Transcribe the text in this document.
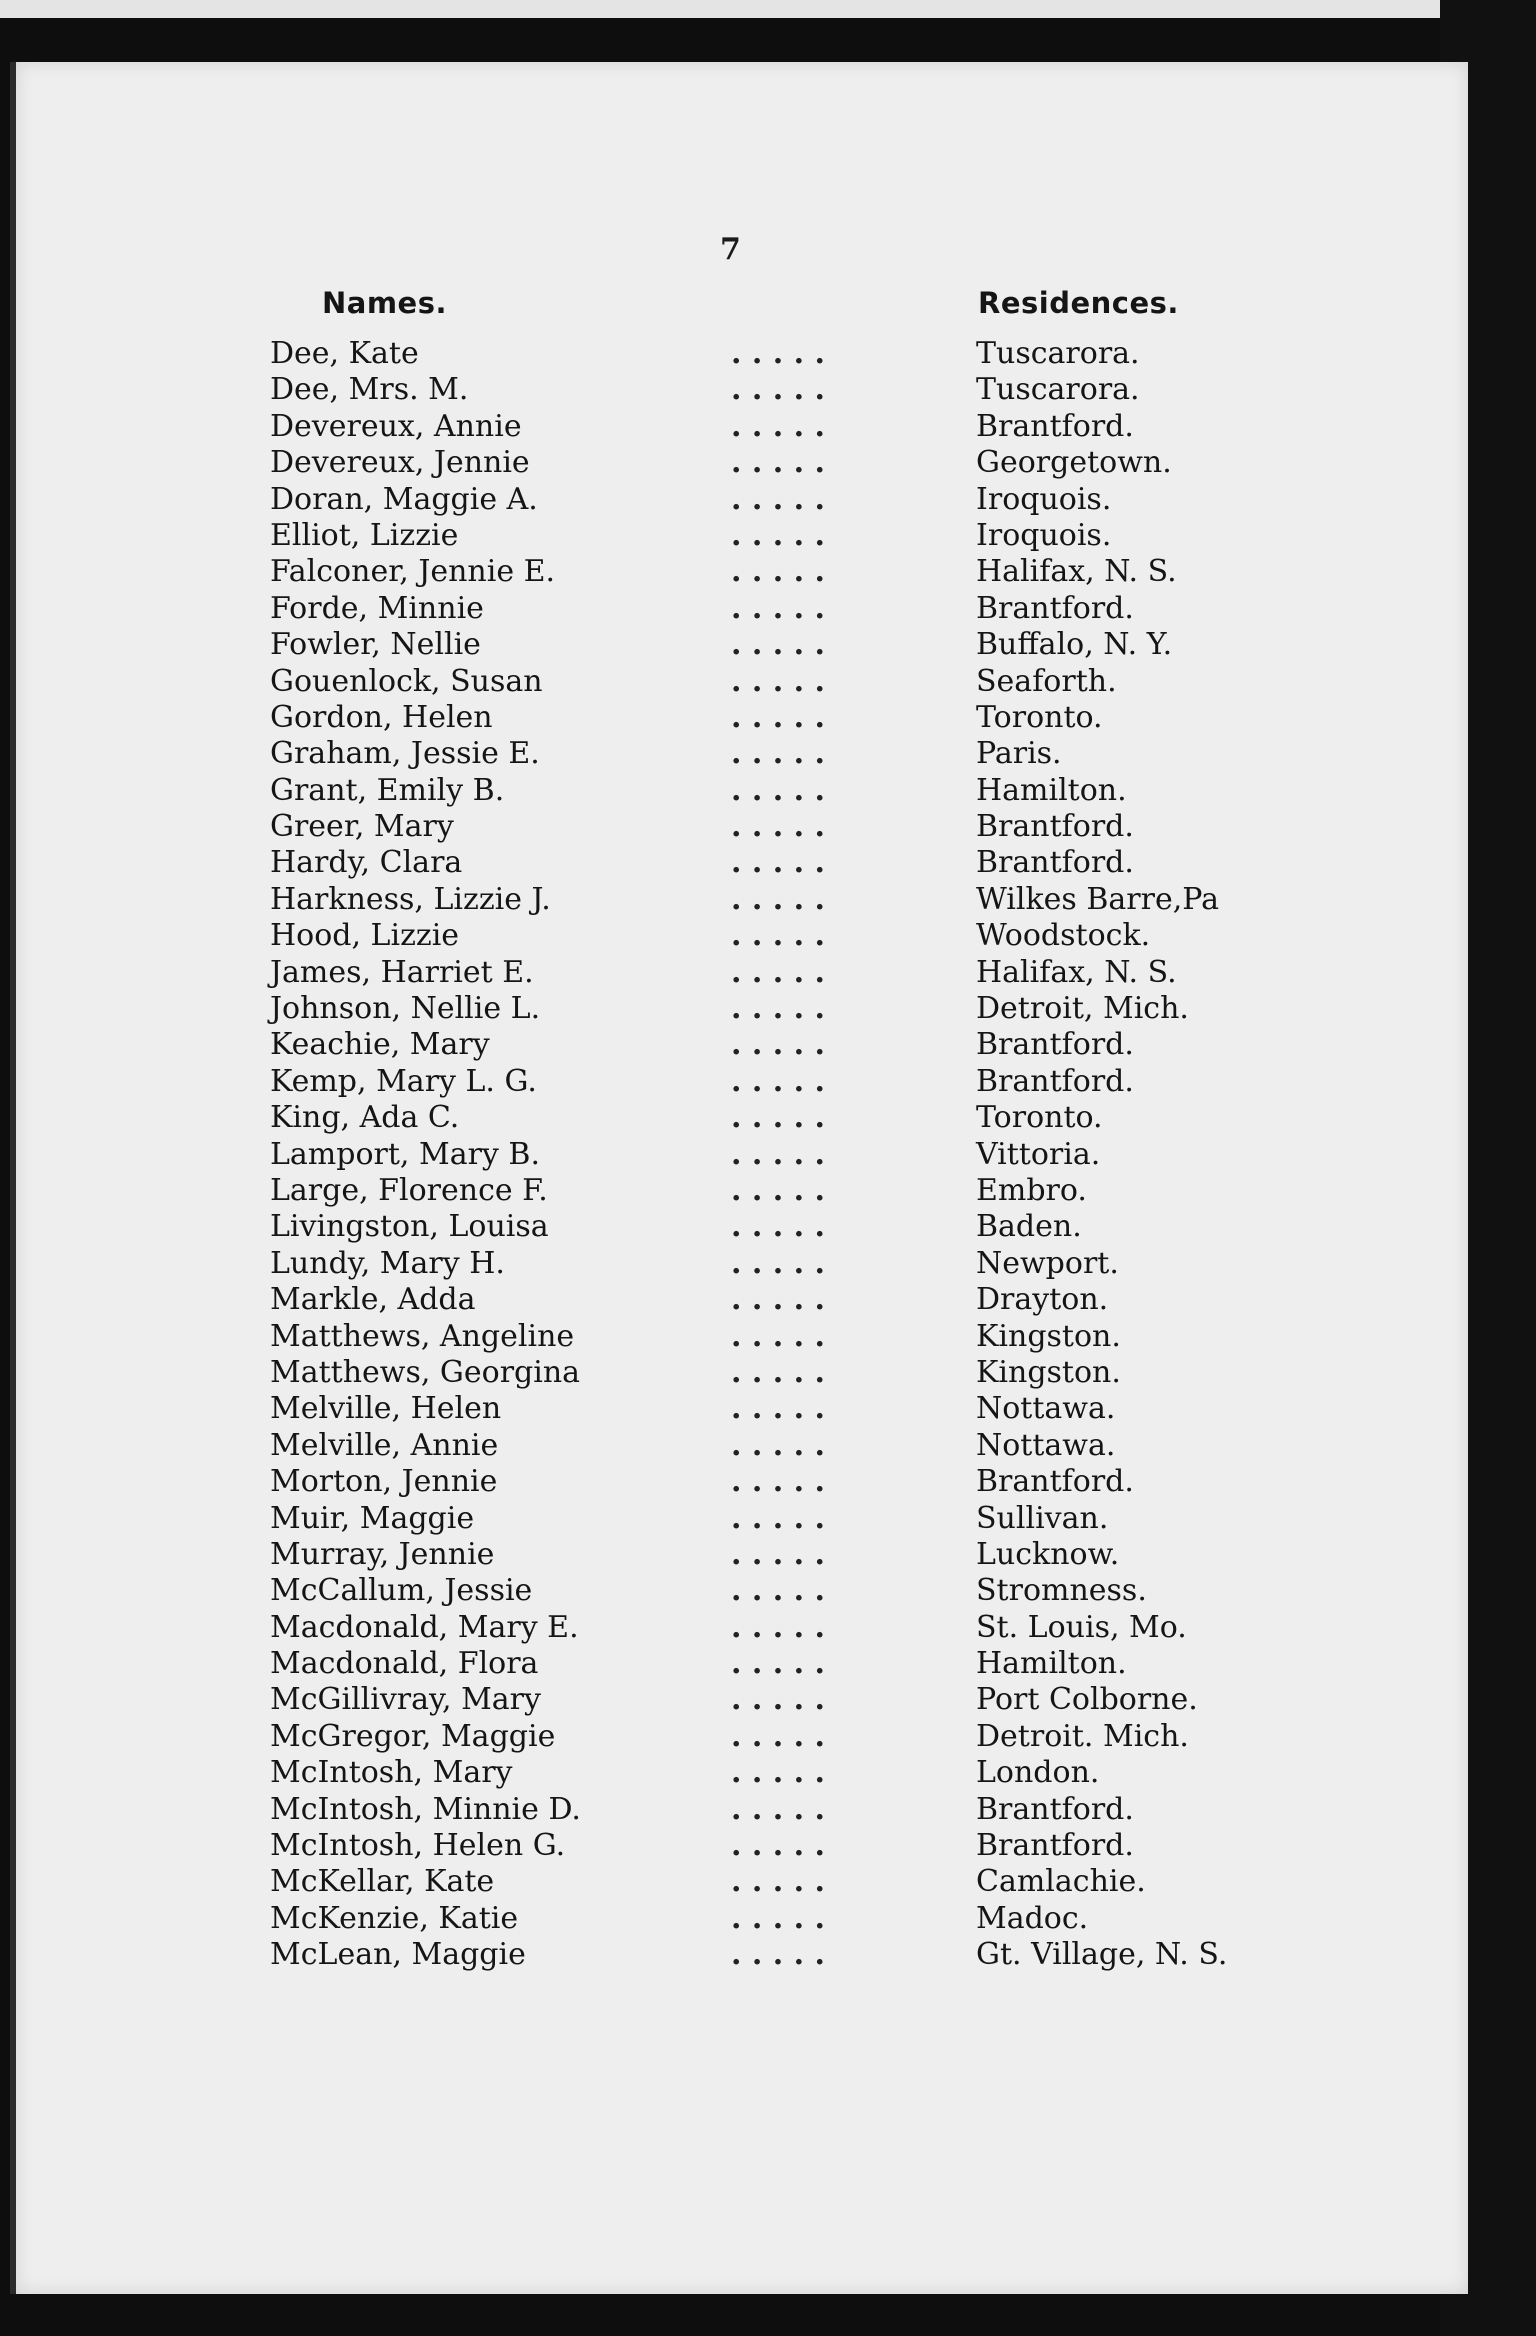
7
Names.	Residences.
Dee, Kate	. . . . .	Tuscarora.
Dee, Mrs. M.	. . . . .	Tuscarora.
Devereux, Annie	. . . . .	Brantford.
Devereux, Jennie	. . . . .	Georgetown.
Doran, Maggie A.	. . . . .	Iroquois.
Elliot, Lizzie	. . . . .	Iroquois.
Falconer, Jennie E.	. . . . .	Halifax, N. S.
Forde, Minnie	. . . . .	Brantford.
Fowler, Nellie	. . . . .	Buffalo, N. Y.
Gouenlock, Susan	. . . . .	Seaforth.
Gordon, Helen	. . . . .	Toronto.
Graham, Jessie E.	. . . . .	Paris.
Grant, Emily B.	. . . . .	Hamilton.
Greer, Mary	. . . . .	Brantford.
Hardy, Clara	. . . . .	Brantford.
Harkness, Lizzie J.	. . . . .	Wilkes Barre,Pa
Hood, Lizzie	. . . . .	Woodstock.
James, Harriet E.	. . . . .	Halifax, N. S.
Johnson, Nellie L.	. . . . .	Detroit, Mich.
Keachie, Mary	. . . . .	Brantford.
Kemp, Mary L. G.	. . . . .	Brantford.
King, Ada C.	. . . . .	Toronto.
Lamport, Mary B.	. . . . .	Vittoria.
Large, Florence F.	. . . . .	Embro.
Livingston, Louisa	. . . . .	Baden.
Lundy, Mary H.	. . . . .	Newport.
Markle, Adda	. . . . .	Drayton.
Matthews, Angeline	. . . . .	Kingston.
Matthews, Georgina	. . . . .	Kingston.
Melville, Helen	. . . . .	Nottawa.
Melville, Annie	. . . . .	Nottawa.
Morton, Jennie	. . . . .	Brantford.
Muir, Maggie	. . . . .	Sullivan.
Murray, Jennie	. . . . .	Lucknow.
McCallum, Jessie	. . . . .	Stromness.
Macdonald, Mary E.	. . . . .	St. Louis, Mo.
Macdonald, Flora	. . . . .	Hamilton.
McGillivray, Mary	. . . . .	Port Colborne.
McGregor, Maggie	. . . . .	Detroit. Mich.
McIntosh, Mary	. . . . .	London.
McIntosh, Minnie D.	. . . . .	Brantford.
McIntosh, Helen G.	. . . . .	Brantford.
McKellar, Kate	. . . . .	Camlachie.
McKenzie, Katie	. . . . .	Madoc.
McLean, Maggie	. . . . .	Gt. Village, N. S.
